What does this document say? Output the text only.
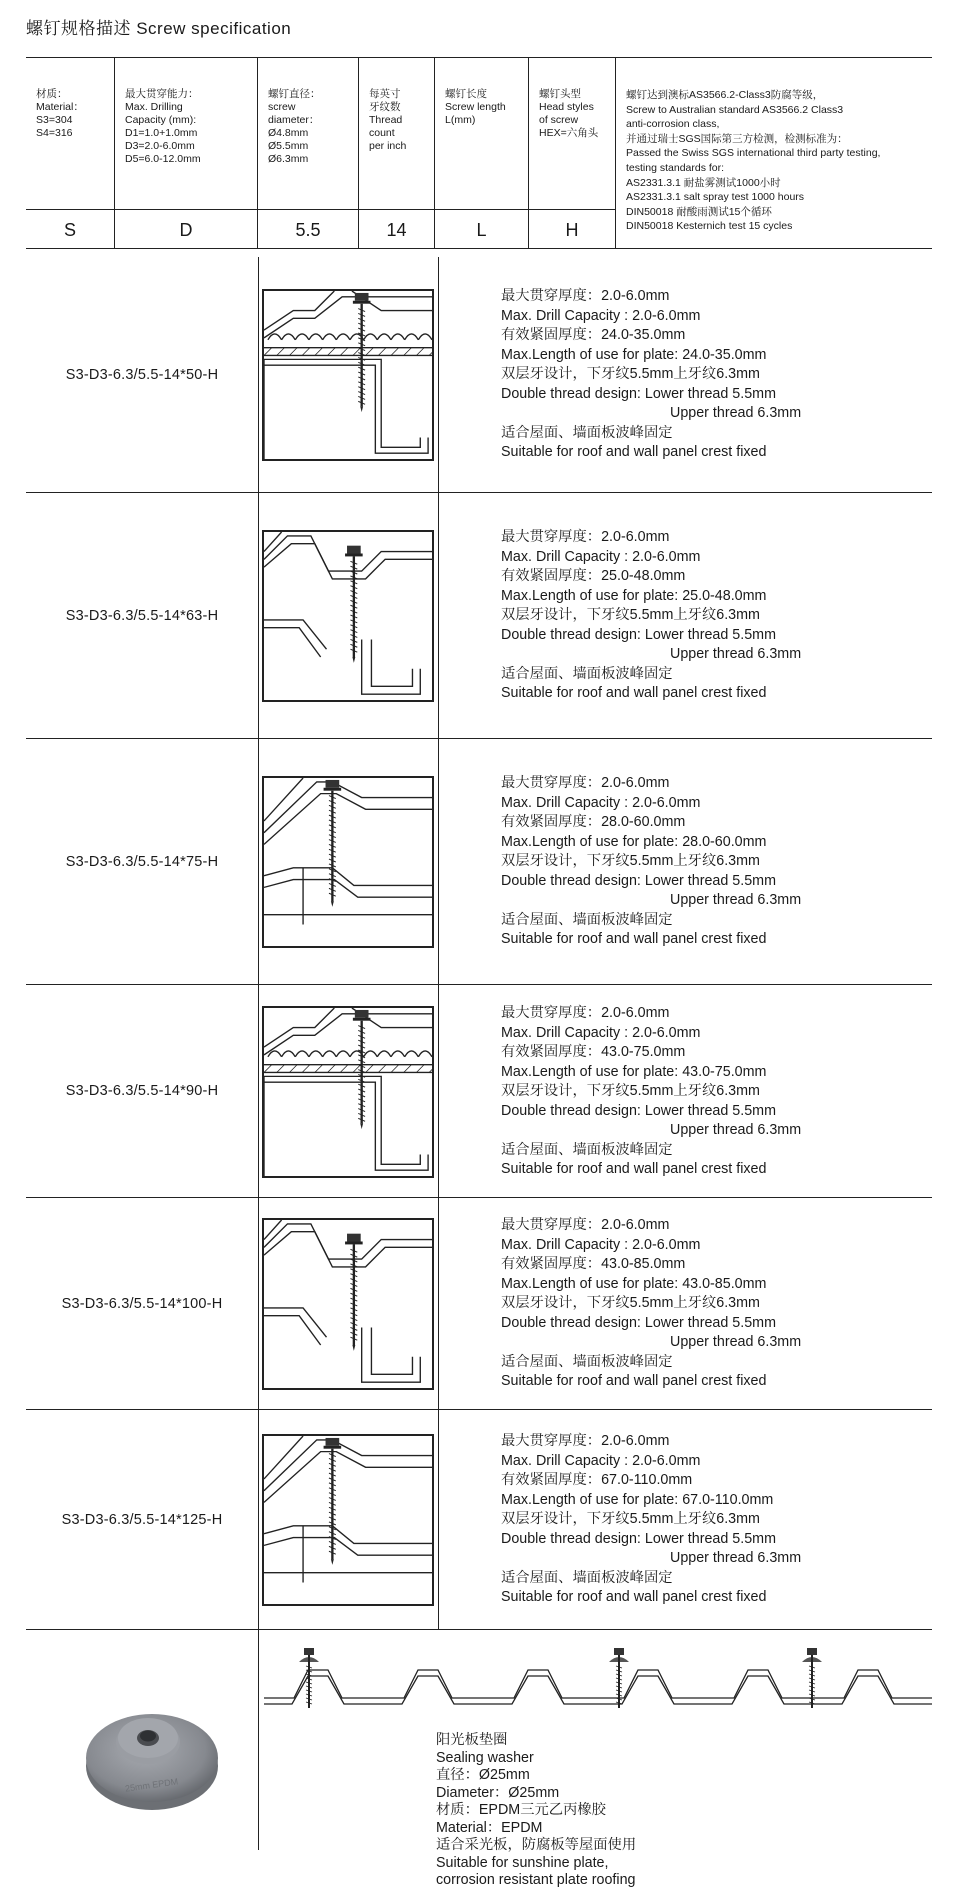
螺钉规格描述 Screw specification
材质：
Material：
S3=304
S4=316
S
最大贯穿能力：
Max. Drilling
Capacity (mm):
D1=1.0+1.0mm
D3=2.0-6.0mm
D5=6.0-12.0mm
D
螺钉直径：
screw
diameter：
Ø4.8mm
Ø5.5mm
Ø6.3mm
5.5
每英寸
牙纹数
Thread
count
per inch
14
螺钉长度
Screw length
L(mm)
L
螺钉头型
Head styles
of screw
HEX=六角头
H
螺钉达到澳标AS3566.2-Class3防腐等级，
Screw to Australian standard AS3566.2 Class3
anti-corrosion class,
并通过瑞士SGS国际第三方检测，检测标准为：
Passed the Swiss SGS international third party testing,
testing standards for:
AS2331.3.1 耐盐雾测试1000小时
AS2331.3.1 salt spray test 1000 hours
DIN50018 耐酸雨测试15个循环
DIN50018 Kesternich test 15 cycles
S3-D3-6.3/5.5-14*50-H
最大贯穿厚度：2.0-6.0mm
Max. Drill Capacity : 2.0-6.0mm
有效紧固厚度：24.0-35.0mm
Max.Length of use for plate: 24.0-35.0mm
双层牙设计，下牙纹5.5mm上牙纹6.3mm
Double thread design: Lower thread 5.5mm
Upper thread 6.3mm
适合屋面、墙面板波峰固定
Suitable for roof and wall panel crest fixed
S3-D3-6.3/5.5-14*63-H
最大贯穿厚度：2.0-6.0mm
Max. Drill Capacity : 2.0-6.0mm
有效紧固厚度：25.0-48.0mm
Max.Length of use for plate: 25.0-48.0mm
双层牙设计，下牙纹5.5mm上牙纹6.3mm
Double thread design: Lower thread 5.5mm
Upper thread 6.3mm
适合屋面、墙面板波峰固定
Suitable for roof and wall panel crest fixed
S3-D3-6.3/5.5-14*75-H
最大贯穿厚度：2.0-6.0mm
Max. Drill Capacity : 2.0-6.0mm
有效紧固厚度：28.0-60.0mm
Max.Length of use for plate: 28.0-60.0mm
双层牙设计，下牙纹5.5mm上牙纹6.3mm
Double thread design: Lower thread 5.5mm
Upper thread 6.3mm
适合屋面、墙面板波峰固定
Suitable for roof and wall panel crest fixed
S3-D3-6.3/5.5-14*90-H
最大贯穿厚度：2.0-6.0mm
Max. Drill Capacity : 2.0-6.0mm
有效紧固厚度：43.0-75.0mm
Max.Length of use for plate: 43.0-75.0mm
双层牙设计，下牙纹5.5mm上牙纹6.3mm
Double thread design: Lower thread 5.5mm
Upper thread 6.3mm
适合屋面、墙面板波峰固定
Suitable for roof and wall panel crest fixed
S3-D3-6.3/5.5-14*100-H
最大贯穿厚度：2.0-6.0mm
Max. Drill Capacity : 2.0-6.0mm
有效紧固厚度：43.0-85.0mm
Max.Length of use for plate: 43.0-85.0mm
双层牙设计，下牙纹5.5mm上牙纹6.3mm
Double thread design: Lower thread 5.5mm
Upper thread 6.3mm
适合屋面、墙面板波峰固定
Suitable for roof and wall panel crest fixed
S3-D3-6.3/5.5-14*125-H
最大贯穿厚度：2.0-6.0mm
Max. Drill Capacity : 2.0-6.0mm
有效紧固厚度：67.0-110.0mm
Max.Length of use for plate: 67.0-110.0mm
双层牙设计，下牙纹5.5mm上牙纹6.3mm
Double thread design: Lower thread 5.5mm
Upper thread 6.3mm
适合屋面、墙面板波峰固定
Suitable for roof and wall panel crest fixed
25mm EPDM
阳光板垫圈
Sealing washer
直径：Ø25mm
Diameter：Ø25mm
材质：EPDM三元乙丙橡胶
Material：EPDM
适合采光板，防腐板等屋面使用
Suitable for sunshine plate,
corrosion resistant plate roofing
